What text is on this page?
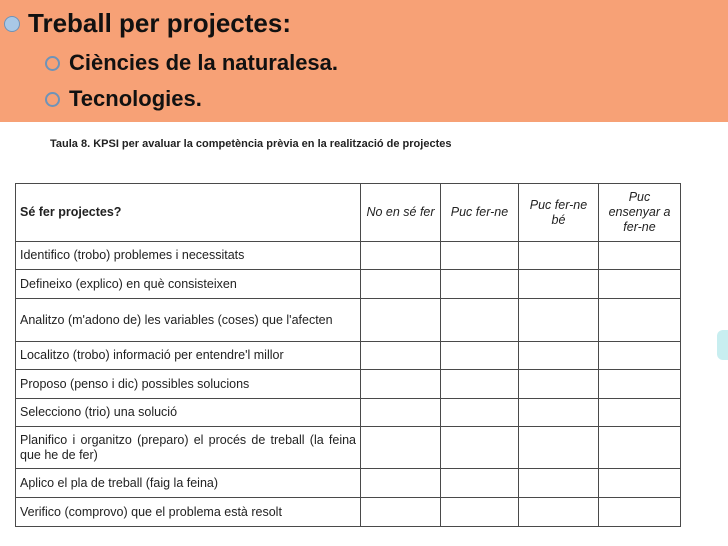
Treball per projectes:
Ciències de la naturalesa.
Tecnologies.
Taula 8. KPSI per avaluar la competència prèvia en la realització de projectes
Sé fer projectes?	No en sé fer	Puc fer-ne	Puc fer-ne bé	Puc ensenyar a fer-ne
Identifico (trobo) problemes i necessitats				
Defineixo (explico) en què consisteixen				
Analitzo (m'adono de) les variables (coses) que l'afecten				
Localitzo (trobo) informació per entendre'l millor				
Proposo (penso i dic) possibles solucions				
Selecciono (trio) una solució				
Planifico i organitzo (preparo) el procés de treball (la feina que he de fer)				
Aplico el pla de treball (faig la feina)				
Verifico (comprovo) que el problema està resolt				
